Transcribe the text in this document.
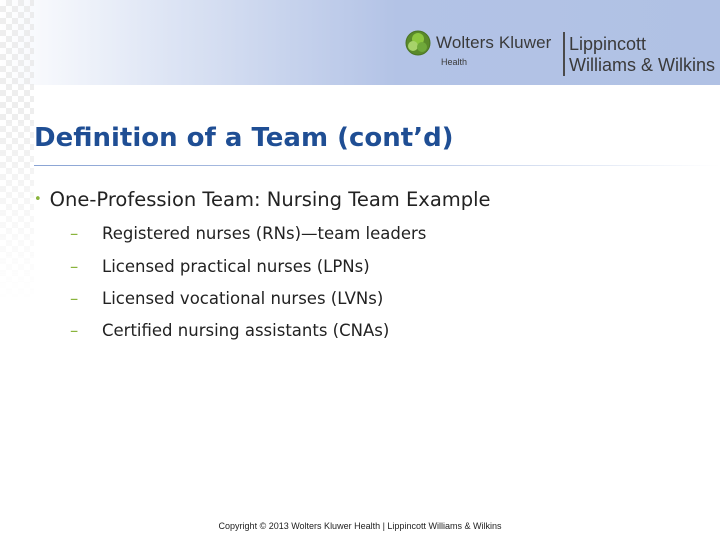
Wolters Kluwer
Health
Lippincott
Williams & Wilkins
Definition of a Team (cont’d)
• One-Profession Team: Nursing Team Example
– Registered nurses (RNs)—team leaders
– Licensed practical nurses (LPNs)
– Licensed vocational nurses (LVNs)
– Certified nursing assistants (CNAs)
Copyright © 2013 Wolters Kluwer Health | Lippincott Williams & Wilkins
